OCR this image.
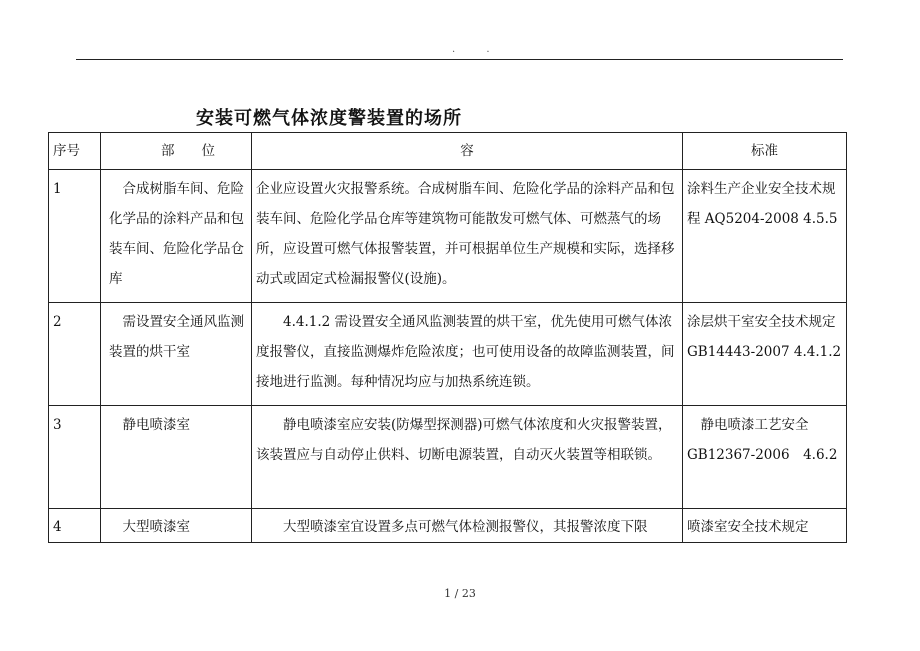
. .
安装可燃气体浓度警装置的场所
序号	部　　位	容	标准
1	合成树脂车间、危险化学品的涂料产品和包装车间、危险化学品仓库	企业应设置火灾报警系统。合成树脂车间、危险化学品的涂料产品和包装车间、危险化学品仓库等建筑物可能散发可燃气体、可燃蒸气的场所，应设置可燃气体报警装置，并可根据单位生产规模和实际，选择移动式或固定式检漏报警仪(设施)。	涂料生产企业安全技术规程 AQ5204-2008 4.5.5
2	需设置安全通风监测装置的烘干室	4.4.1.2 需设置安全通风监测装置的烘干室，优先使用可燃气体浓度报警仪，直接监测爆炸危险浓度；也可使用设备的故障监测装置，间接地进行监测。每种情况均应与加热系统连锁。	涂层烘干室安全技术规定 GB14443-2007 4.4.1.2
3	静电喷漆室	静电喷漆室应安装(防爆型探测器)可燃气体浓度和火灾报警装置，该装置应与自动停止供料、切断电源装置，自动灭火装置等相联锁。	静电喷漆工艺安全 GB12367-2006　4.6.2
4	大型喷漆室	大型喷漆室宜设置多点可燃气体检测报警仪，其报警浓度下限	喷漆室安全技术规定
1 / 23
